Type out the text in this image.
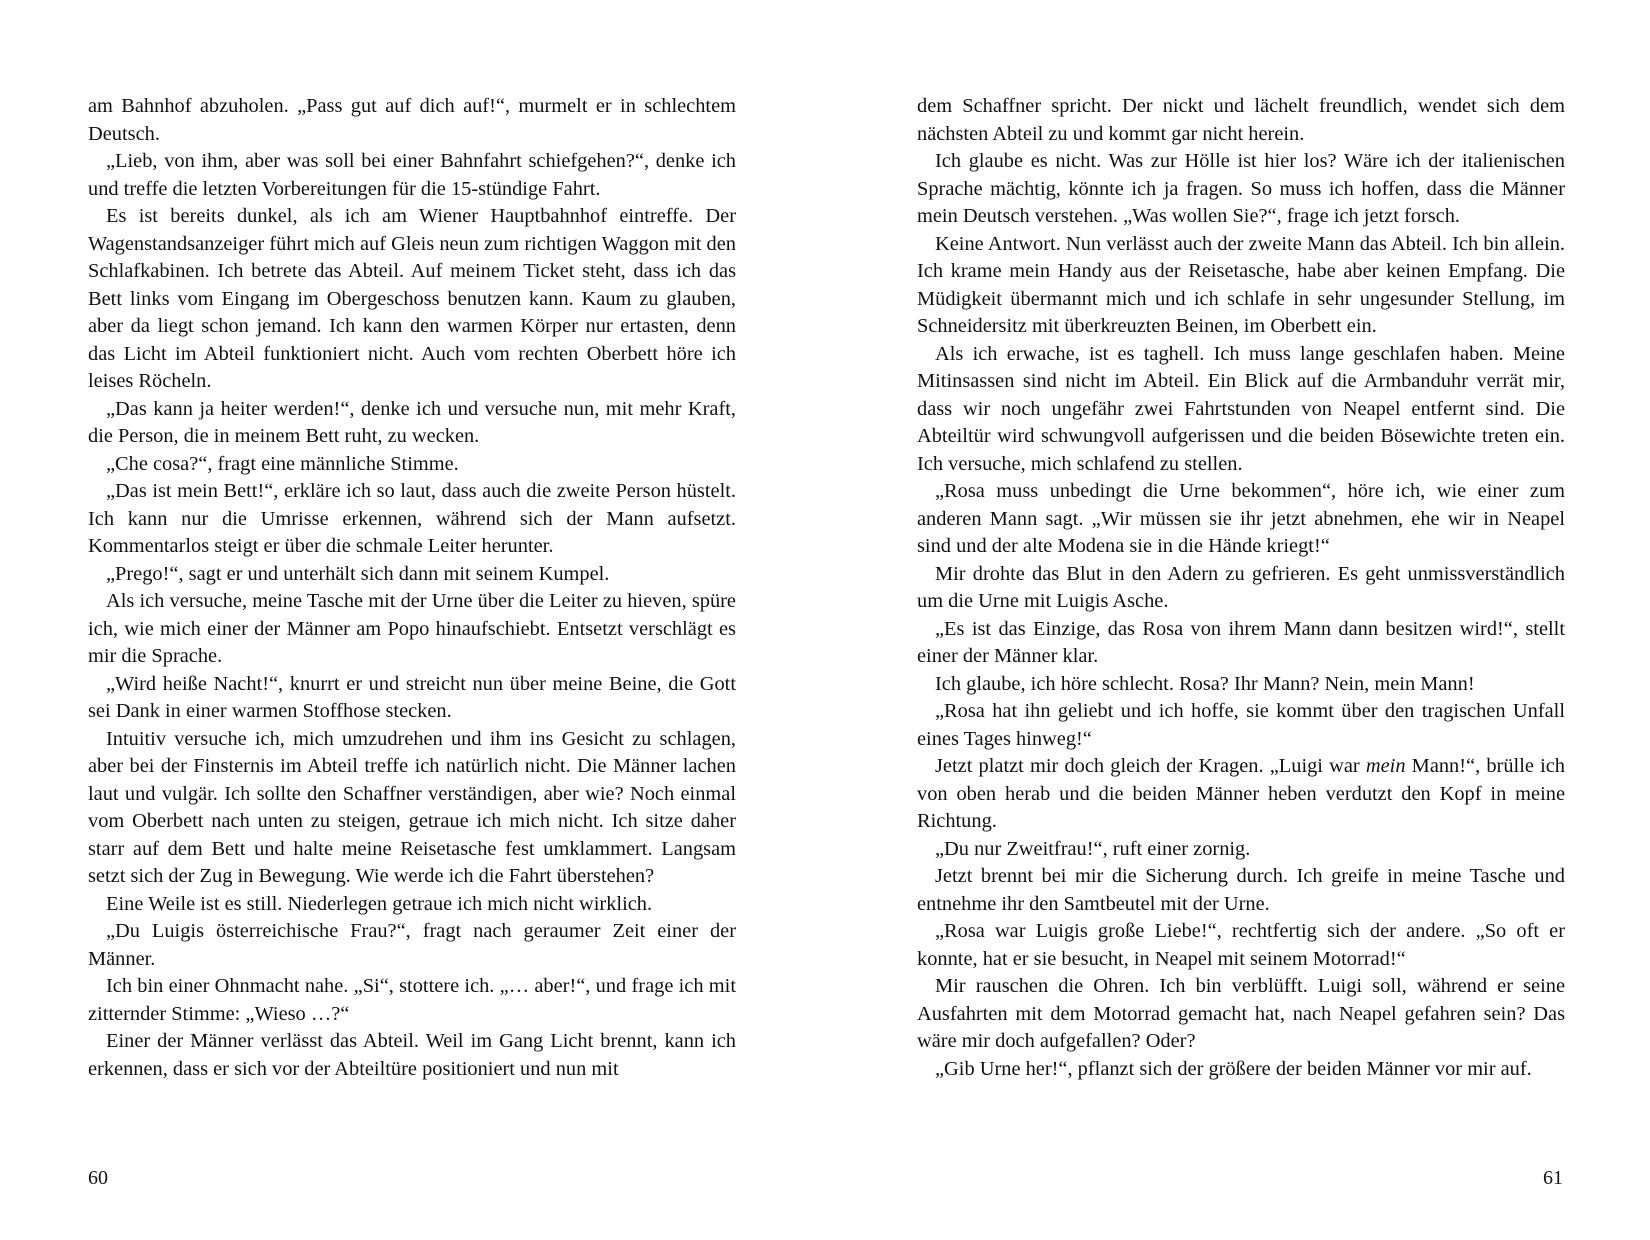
am Bahnhof abzuholen. „Pass gut auf dich auf!“, murmelt er in schlechtem Deutsch.

„Lieb, von ihm, aber was soll bei einer Bahnfahrt schiefgehen?“, denke ich und treffe die letzten Vorbereitungen für die 15-stündige Fahrt.

Es ist bereits dunkel, als ich am Wiener Hauptbahnhof eintreffe. Der Wagenstandsanzeiger führt mich auf Gleis neun zum richtigen Waggon mit den Schlafkabinen. Ich betrete das Abteil. Auf meinem Ticket steht, dass ich das Bett links vom Eingang im Obergeschoss benutzen kann. Kaum zu glauben, aber da liegt schon jemand. Ich kann den warmen Körper nur ertasten, denn das Licht im Abteil funktioniert nicht. Auch vom rechten Oberbett höre ich leises Röcheln.

„Das kann ja heiter werden!“, denke ich und versuche nun, mit mehr Kraft, die Person, die in meinem Bett ruht, zu wecken.

„Che cosa?“, fragt eine männliche Stimme.

„Das ist mein Bett!“, erkläre ich so laut, dass auch die zweite Person hüstelt. Ich kann nur die Umrisse erkennen, während sich der Mann aufsetzt. Kommentarlos steigt er über die schmale Leiter herunter.

„Prego!“, sagt er und unterhält sich dann mit seinem Kumpel.

Als ich versuche, meine Tasche mit der Urne über die Leiter zu hieven, spüre ich, wie mich einer der Männer am Popo hinaufschiebt. Entsetzt verschlägt es mir die Sprache.

„Wird heiße Nacht!“, knurrt er und streicht nun über meine Beine, die Gott sei Dank in einer warmen Stoffhose stecken.

Intuitiv versuche ich, mich umzudrehen und ihm ins Gesicht zu schlagen, aber bei der Finsternis im Abteil treffe ich natürlich nicht. Die Männer lachen laut und vulgär. Ich sollte den Schaffner verständigen, aber wie? Noch einmal vom Oberbett nach unten zu steigen, getraue ich mich nicht. Ich sitze daher starr auf dem Bett und halte meine Reisetasche fest umklammert. Langsam setzt sich der Zug in Bewegung. Wie werde ich die Fahrt überstehen?

Eine Weile ist es still. Niederlegen getraue ich mich nicht wirklich.

„Du Luigis österreichische Frau?“, fragt nach geraumer Zeit einer der Männer.

Ich bin einer Ohnmacht nahe. „Si“, stottere ich. „… aber!“, und frage ich mit zitternder Stimme: „Wieso …?“

Einer der Männer verlässt das Abteil. Weil im Gang Licht brennt, kann ich erkennen, dass er sich vor der Abteiltüre positioniert und nun mit

60

dem Schaffner spricht. Der nickt und lächelt freundlich, wendet sich dem nächsten Abteil zu und kommt gar nicht herein.

Ich glaube es nicht. Was zur Hölle ist hier los? Wäre ich der italienischen Sprache mächtig, könnte ich ja fragen. So muss ich hoffen, dass die Männer mein Deutsch verstehen. „Was wollen Sie?“, frage ich jetzt forsch.

Keine Antwort. Nun verlässt auch der zweite Mann das Abteil. Ich bin allein. Ich krame mein Handy aus der Reisetasche, habe aber keinen Empfang. Die Müdigkeit übermannt mich und ich schlafe in sehr ungesunder Stellung, im Schneidersitz mit überkreuzten Beinen, im Oberbett ein.

Als ich erwache, ist es taghell. Ich muss lange geschlafen haben. Meine Mitinsassen sind nicht im Abteil. Ein Blick auf die Armbanduhr verrät mir, dass wir noch ungefähr zwei Fahrtstunden von Neapel entfernt sind. Die Abteiltür wird schwungvoll aufgerissen und die beiden Bösewichte treten ein. Ich versuche, mich schlafend zu stellen.

„Rosa muss unbedingt die Urne bekommen“, höre ich, wie einer zum anderen Mann sagt. „Wir müssen sie ihr jetzt abnehmen, ehe wir in Neapel sind und der alte Modena sie in die Hände kriegt!“

Mir drohte das Blut in den Adern zu gefrieren. Es geht unmissverständlich um die Urne mit Luigis Asche.

„Es ist das Einzige, das Rosa von ihrem Mann dann besitzen wird!“, stellt einer der Männer klar.

Ich glaube, ich höre schlecht. Rosa? Ihr Mann? Nein, mein Mann!

„Rosa hat ihn geliebt und ich hoffe, sie kommt über den tragischen Unfall eines Tages hinweg!“

Jetzt platzt mir doch gleich der Kragen. „Luigi war mein Mann!“, brülle ich von oben herab und die beiden Männer heben verdutzt den Kopf in meine Richtung.

„Du nur Zweitfrau!“, ruft einer zornig.

Jetzt brennt bei mir die Sicherung durch. Ich greife in meine Tasche und entnehme ihr den Samtbeutel mit der Urne.

„Rosa war Luigis große Liebe!“, rechtfertig sich der andere. „So oft er konnte, hat er sie besucht, in Neapel mit seinem Motorrad!“

Mir rauschen die Ohren. Ich bin verblüfft. Luigi soll, während er seine Ausfahrten mit dem Motorrad gemacht hat, nach Neapel gefahren sein? Das wäre mir doch aufgefallen? Oder?

„Gib Urne her!“, pflanzt sich der größere der beiden Männer vor mir auf.

61
